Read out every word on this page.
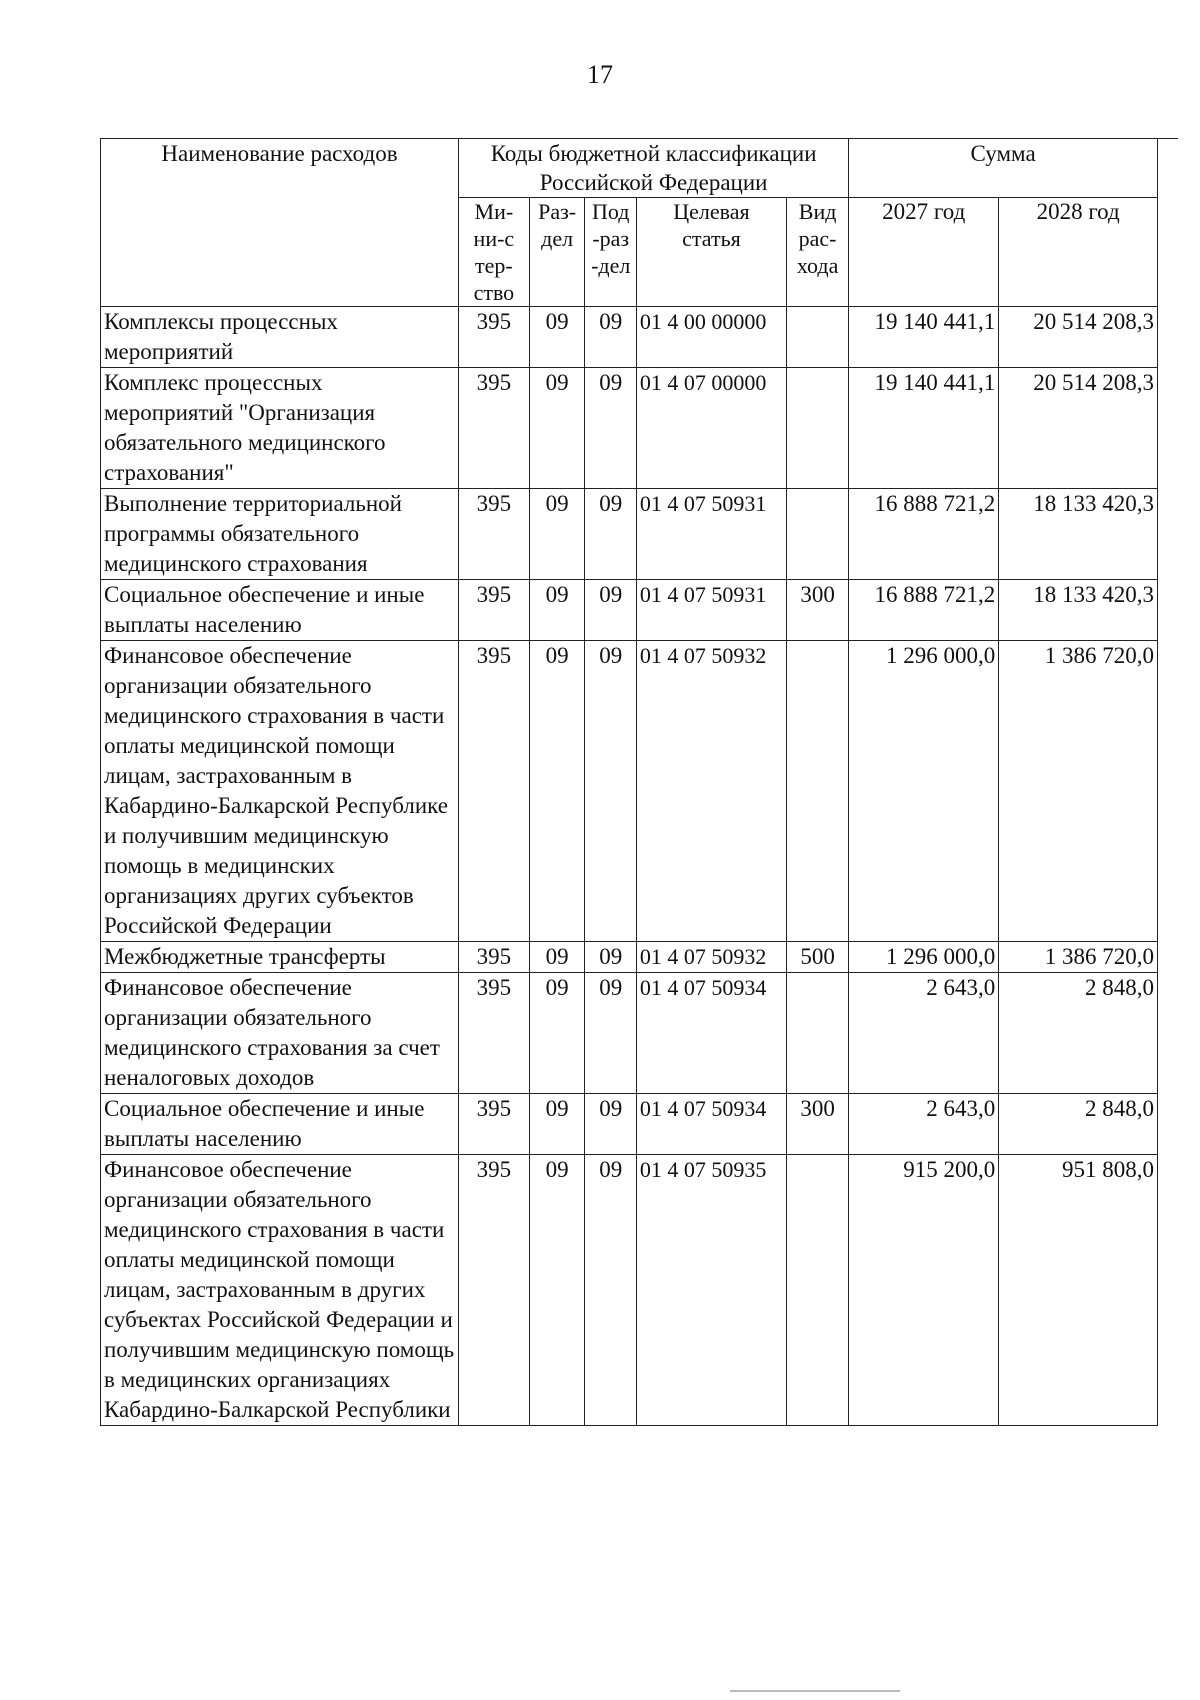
17
Наименование расходов	Коды бюджетной классификации Российской Федерации					Сумма	

	Ми-ни-стер-ство	Раз-дел	Под-раз-дел	Целевая статья	Вид рас-хода	2027 год	2028 год
Комплексы процессных мероприятий	395	09	09	01 4 00 00000		19 140 441,1	20 514 208,3
Комплекс процессных мероприятий "Организация обязательного медицинского страхования"	395	09	09	01 4 07 00000		19 140 441,1	20 514 208,3
Выполнение территориальной программы обязательного медицинского страхования	395	09	09	01 4 07 50931		16 888 721,2	18 133 420,3
Социальное обеспечение и иные выплаты населению	395	09	09	01 4 07 50931	300	16 888 721,2	18 133 420,3
Финансовое обеспечение организации обязательного медицинского страхования в части оплаты медицинской помощи лицам, застрахованным в Кабардино-Балкарской Республике и получившим медицинскую помощь в медицинских организациях других субъектов Российской Федерации	395	09	09	01 4 07 50932		1 296 000,0	1 386 720,0
Межбюджетные трансферты	395	09	09	01 4 07 50932	500	1 296 000,0	1 386 720,0
Финансовое обеспечение организации обязательного медицинского страхования за счет неналоговых доходов	395	09	09	01 4 07 50934		2 643,0	2 848,0
Социальное обеспечение и иные выплаты населению	395	09	09	01 4 07 50934	300	2 643,0	2 848,0
Финансовое обеспечение организации обязательного медицинского страхования в части оплаты медицинской помощи лицам, застрахованным в других субъектах Российской Федерации и получившим медицинскую помощь в медицинских организациях Кабардино-Балкарской Республики	395	09	09	01 4 07 50935		915 200,0	951 808,0
